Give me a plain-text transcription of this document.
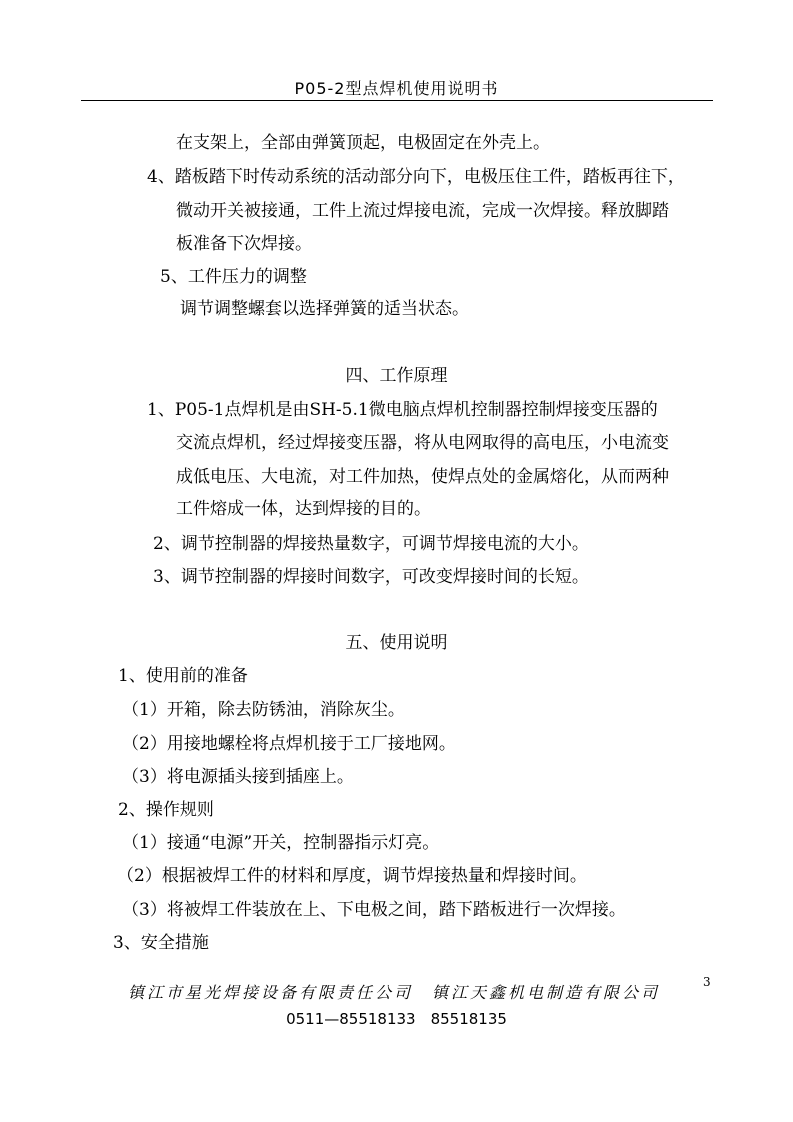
P05-2型点焊机使用说明书
在支架上，全部由弹簧顶起，电极固定在外壳上。
4、踏板踏下时传动系统的活动部分向下，电极压住工件，踏板再往下，
微动开关被接通，工件上流过焊接电流，完成一次焊接。释放脚踏
板准备下次焊接。
5、工件压力的调整
调节调整螺套以选择弹簧的适当状态。
四、工作原理
1、P05-1点焊机是由SH-5.1微电脑点焊机控制器控制焊接变压器的
交流点焊机，经过焊接变压器，将从电网取得的高电压，小电流变
成低电压、大电流，对工件加热，使焊点处的金属熔化，从而两种
工件熔成一体，达到焊接的目的。
2、调节控制器的焊接热量数字，可调节焊接电流的大小。
3、调节控制器的焊接时间数字，可改变焊接时间的长短。
五、使用说明
1、使用前的准备
（1）开箱，除去防锈油，消除灰尘。
（2）用接地螺栓将点焊机接于工厂接地网。
（3）将电源插头接到插座上。
2、操作规则
（1）接通“电源”开关，控制器指示灯亮。
（2）根据被焊工件的材料和厚度，调节焊接热量和焊接时间。
（3）将被焊工件装放在上、下电极之间，踏下踏板进行一次焊接。
3、安全措施
3
镇江市星光焊接设备有限责任公司　镇江天鑫机电制造有限公司
0511—85518133　85518135
